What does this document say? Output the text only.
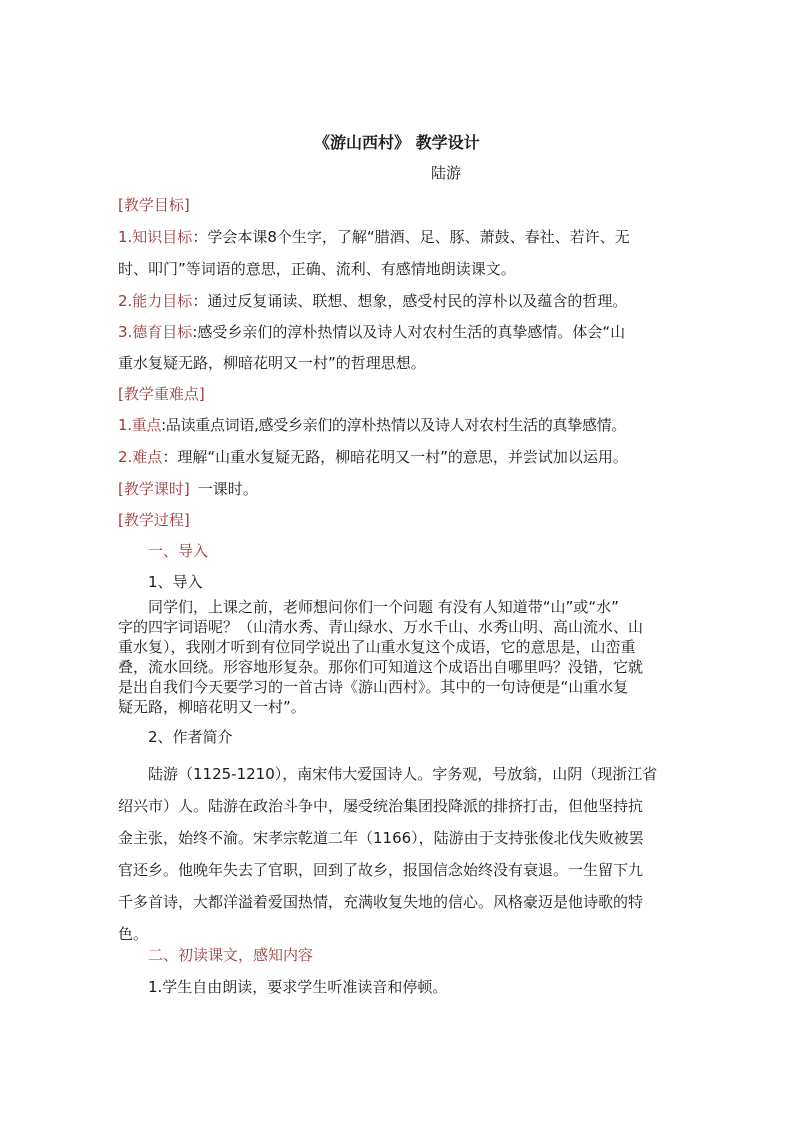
《游山西村》 教学设计
陆游
[教学目标]
1.知识目标：学会本课8个生字，了解“腊酒、足、豚、萧鼓、春社、若许、无
时、叩门”等词语的意思，正确、流利、有感情地朗读课文。
2.能力目标：通过反复诵读、联想、想象，感受村民的淳朴以及蕴含的哲理。
3.德育目标:感受乡亲们的淳朴热情以及诗人对农村生活的真挚感情。体会“山
重水复疑无路，柳暗花明又一村”的哲理思想。
[教学重难点]
1.重点:品读重点词语,感受乡亲们的淳朴热情以及诗人对农村生活的真挚感情。
2.难点：理解“山重水复疑无路，柳暗花明又一村”的意思，并尝试加以运用。
[教学课时] 一课时。
[教学过程]
一、导入
1、导入
同学们，上课之前，老师想问你们一个问题 有没有人知道带“山”或“水”
字的四字词语呢？（山清水秀、青山绿水、万水千山、水秀山明、高山流水、山
重水复），我刚才听到有位同学说出了山重水复这个成语，它的意思是，山峦重
叠，流水回绕。形容地形复杂。那你们可知道这个成语出自哪里吗？没错，它就
是出自我们今天要学习的一首古诗《游山西村》。其中的一句诗便是“山重水复
疑无路，柳暗花明又一村”。
2、作者简介
陆游（1125-1210），南宋伟大爱国诗人。字务观，号放翁，山阴（现浙江省
绍兴市）人。陆游在政治斗争中，屡受统治集团投降派的排挤打击，但他坚持抗
金主张，始终不渝。宋孝宗乾道二年（1166），陆游由于支持张俊北伐失败被罢
官还乡。他晚年失去了官职，回到了故乡，报国信念始终没有衰退。一生留下九
千多首诗，大都洋溢着爱国热情，充满收复失地的信心。风格豪迈是他诗歌的特
色。
二、初读课文，感知内容
1.学生自由朗读，要求学生听准读音和停顿。
